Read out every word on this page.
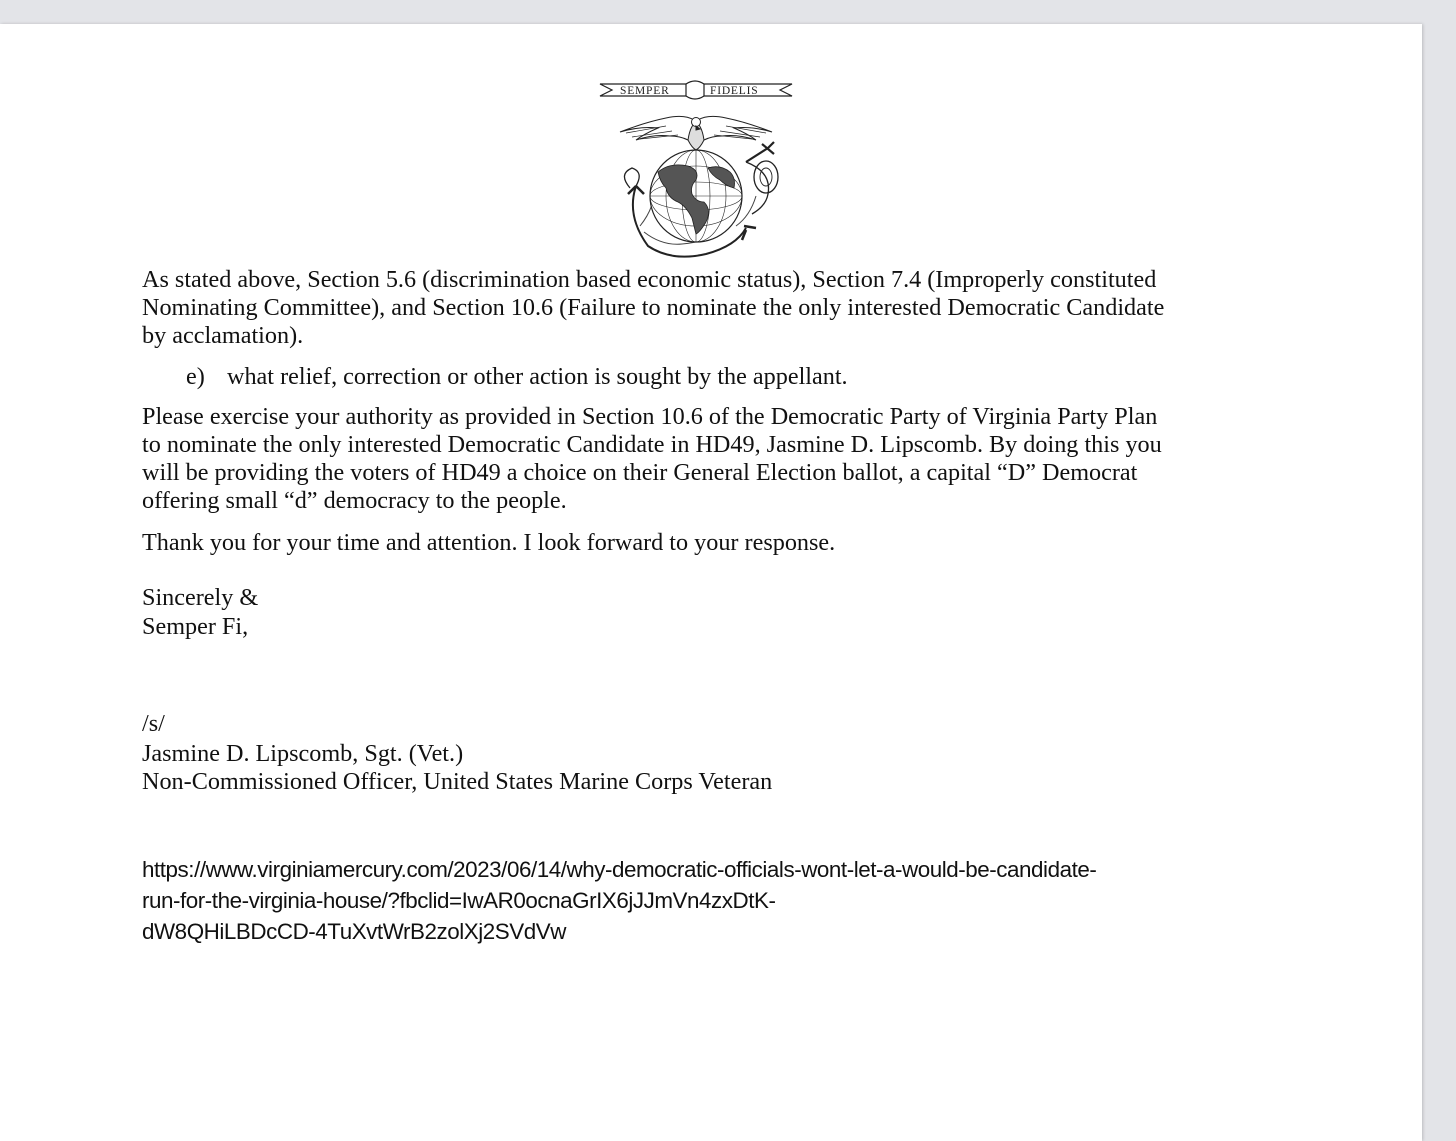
SEMPER	FIDELIS

As stated above, Section 5.6 (discrimination based economic status), Section 7.4 (Improperly constituted
Nominating Committee), and Section 10.6 (Failure to nominate the only interested Democratic Candidate
by acclamation).

e) what relief, correction or other action is sought by the appellant.

Please exercise your authority as provided in Section 10.6 of the Democratic Party of Virginia Party Plan
to nominate the only interested Democratic Candidate in HD49, Jasmine D. Lipscomb. By doing this you
will be providing the voters of HD49 a choice on their General Election ballot, a capital “D” Democrat
offering small “d” democracy to the people.

Thank you for your time and attention. I look forward to your response.

Sincerely &
Semper Fi,

/s/

Jasmine D. Lipscomb, Sgt. (Vet.)
Non-Commissioned Officer, United States Marine Corps Veteran

https://www.virginiamercury.com/2023/06/14/why-democratic-officials-wont-let-a-would-be-candidate-
run-for-the-virginia-house/?fbclid=IwAR0ocnaGrIX6jJJmVn4zxDtK-
dW8QHiLBDcCD-4TuXvtWrB2zolXj2SVdVw
